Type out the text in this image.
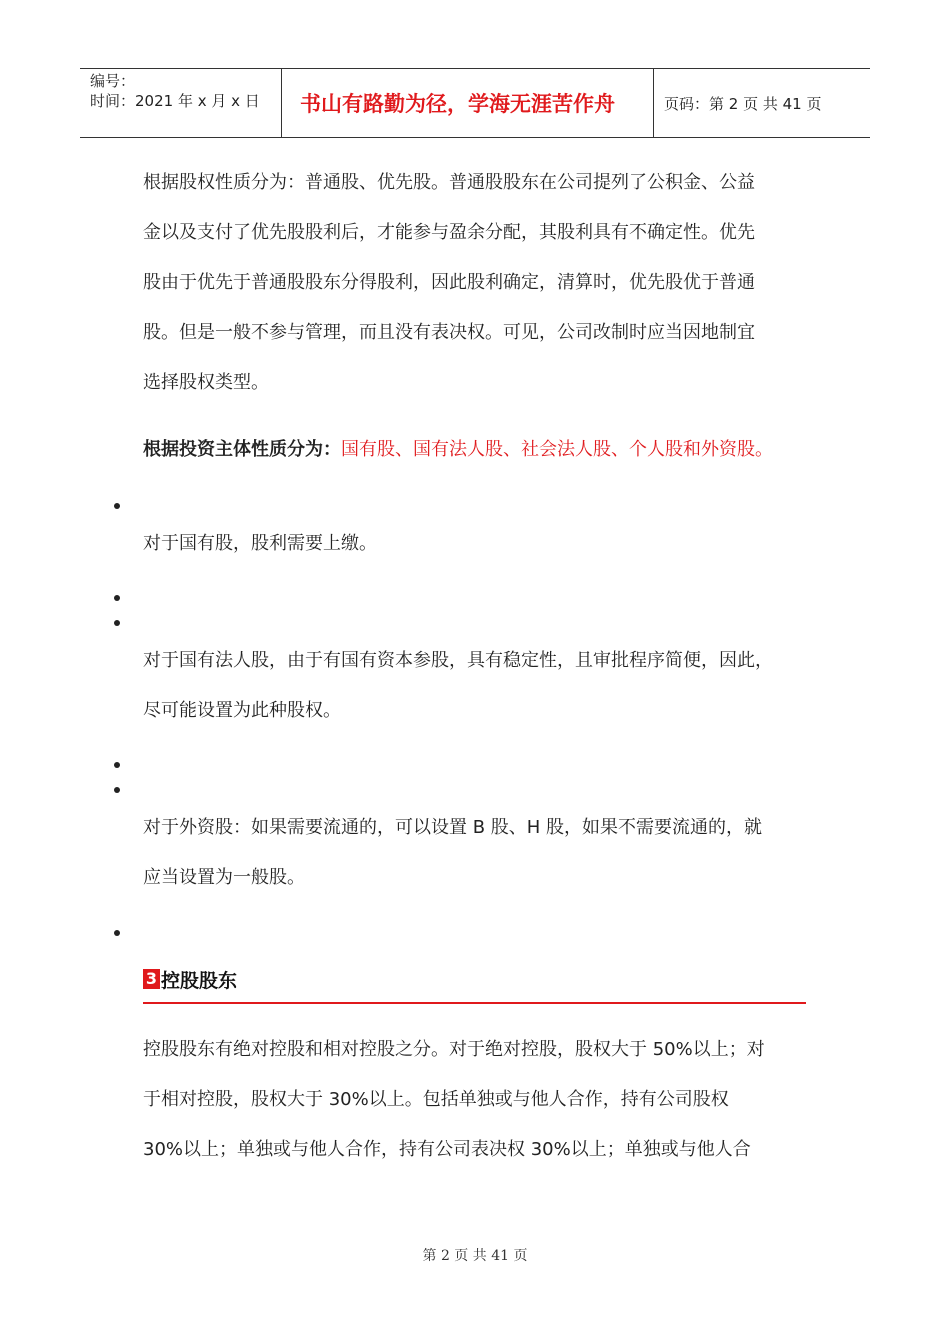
编号：
时间：2021 年 x 月 x 日	书山有路勤为径，学海无涯苦作舟	页码：第 2 页 共 41 页
根据股权性质分为：普通股、优先股。普通股股东在公司提列了公积金、公益
金以及支付了优先股股利后，才能参与盈余分配，其股利具有不确定性。优先
股由于优先于普通股股东分得股利，因此股利确定，清算时，优先股优于普通
股。但是一般不参与管理，而且没有表决权。可见，公司改制时应当因地制宜
选择股权类型。
根据投资主体性质分为：国有股、国有法人股、社会法人股、个人股和外资股。
对于国有股，股利需要上缴。
对于国有法人股，由于有国有资本参股，具有稳定性，且审批程序简便，因此，
尽可能设置为此种股权。
对于外资股：如果需要流通的，可以设置 B 股、H 股，如果不需要流通的，就
应当设置为一般股。
3 控股股东
控股股东有绝对控股和相对控股之分。对于绝对控股，股权大于 50%以上；对
于相对控股，股权大于 30%以上。包括单独或与他人合作，持有公司股权
30%以上；单独或与他人合作，持有公司表决权 30%以上；单独或与他人合
第 2 页 共 41 页
